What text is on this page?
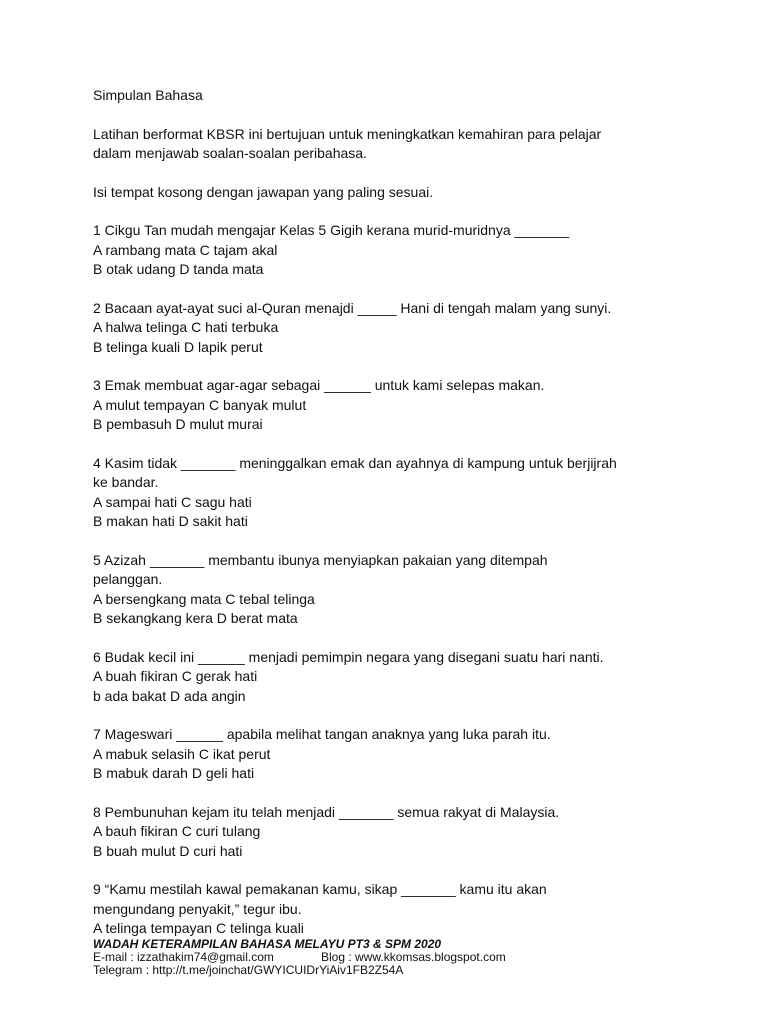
Simpulan Bahasa

Latihan berformat KBSR ini bertujuan untuk meningkatkan kemahiran para pelajar

dalam menjawab soalan-soalan peribahasa.

Isi tempat kosong dengan jawapan yang paling sesuai.

1 Cikgu Tan mudah mengajar Kelas 5 Gigih kerana murid-muridnya _______

A rambang mata C tajam akal

B otak udang D tanda mata

2 Bacaan ayat-ayat suci al-Quran menajdi _____ Hani di tengah malam yang sunyi.

A halwa telinga C hati terbuka

B telinga kuali D lapik perut

3 Emak membuat agar-agar sebagai ______ untuk kami selepas makan.

A mulut tempayan C banyak mulut

B pembasuh D mulut murai

4 Kasim tidak _______ meninggalkan emak dan ayahnya di kampung untuk berjijrah

ke bandar.

A sampai hati C sagu hati

B makan hati D sakit hati

5 Azizah _______ membantu ibunya menyiapkan pakaian yang ditempah

pelanggan.

A bersengkang mata C tebal telinga

B sekangkang kera D berat mata

6 Budak kecil ini ______ menjadi pemimpin negara yang disegani suatu hari nanti.

A buah fikiran C gerak hati

b ada bakat D ada angin

7 Mageswari ______ apabila melihat tangan anaknya yang luka parah itu.

A mabuk selasih C ikat perut

B mabuk darah D geli hati

8 Pembunuhan kejam itu telah menjadi _______ semua rakyat di Malaysia.

A bauh fikiran C curi tulang

B buah mulut D curi hati

9 “Kamu mestilah kawal pemakanan kamu, sikap _______ kamu itu akan

mengundang penyakit,” tegur ibu.

A telinga tempayan C telinga kuali

WADAH KETERAMPILAN BAHASA MELAYU PT3 & SPM 2020
E-mail : izzathakim74@gmail.com	Blog : www.kkomsas.blogspot.com
Telegram : http://t.me/joinchat/GWYICUIDrYiAiv1FB2Z54A
